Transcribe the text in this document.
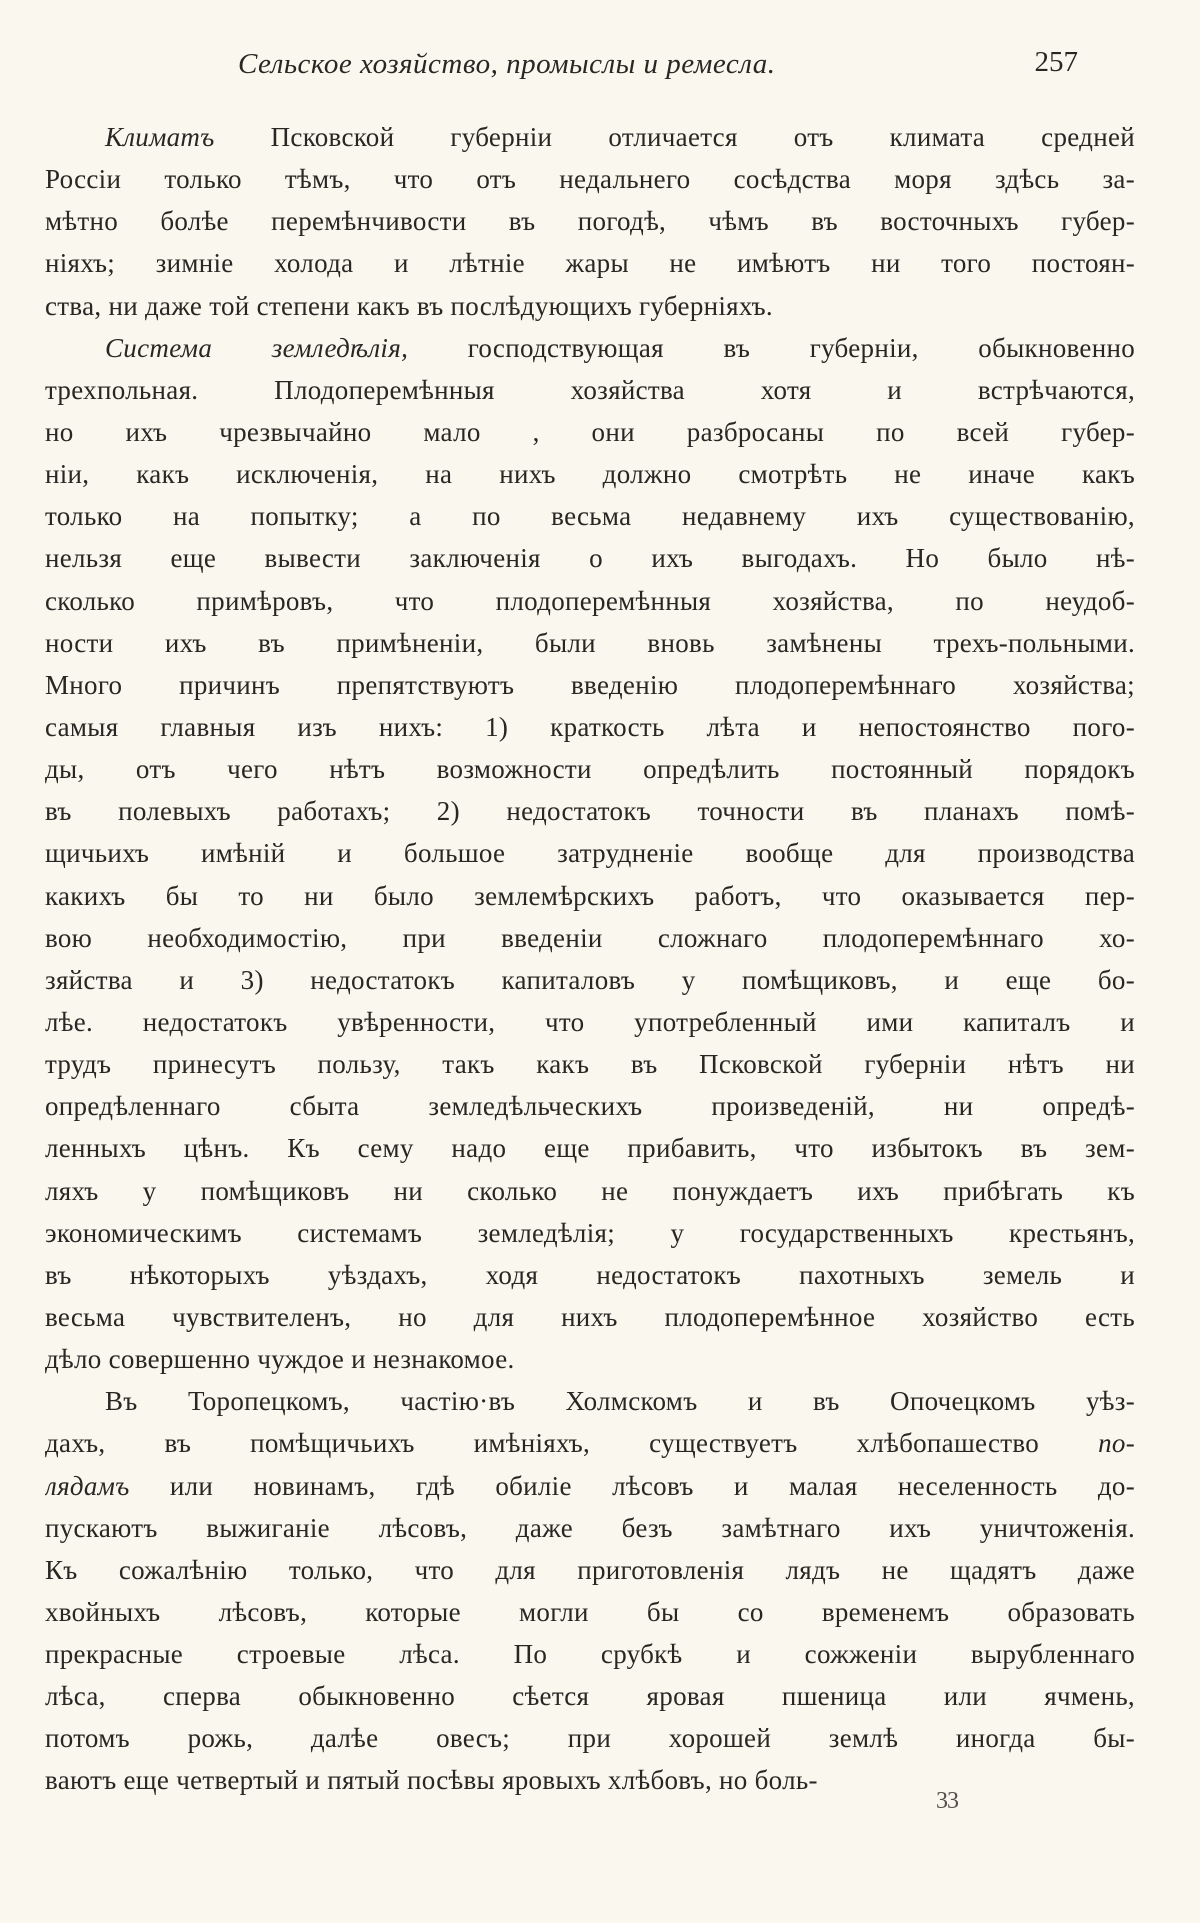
Сельское хозяйство, промыслы и ремесла.	257
Климатъ Псковской губерніи отличается отъ климата средней
Россіи только тѣмъ, что отъ недальнего сосѣдства моря здѣсь за-
мѣтно болѣе перемѣнчивости въ погодѣ, чѣмъ въ восточныхъ губер-
ніяхъ; зимніе холода и лѣтніе жары не имѣютъ ни того постоян-
ства, ни даже той степени какъ въ послѣдующихъ губерніяхъ.
Система земледѣлія, господствующая въ губерніи, обыкновенно
трехпольная. Плодоперемѣнныя хозяйства хотя и встрѣчаются,
но ихъ чрезвычайно мало , они разбросаны по всей губер-
ніи, какъ исключенія, на нихъ должно смотрѣть не иначе какъ
только на попытку; а по весьма недавнему ихъ существованію,
нельзя еще вывести заключенія о ихъ выгодахъ. Но было нѣ-
сколько примѣровъ, что плодоперемѣнныя хозяйства, по неудоб-
ности ихъ въ примѣненіи, были вновь замѣнены трехъ-польными.
Много причинъ препятствуютъ введенію плодоперемѣннаго хозяйства;
самыя главныя изъ нихъ: 1) краткость лѣта и непостоянство пого-
ды, отъ чего нѣтъ возможности опредѣлить постоянный порядокъ
въ полевыхъ работахъ; 2) недостатокъ точности въ планахъ помѣ-
щичьихъ имѣній и большое затрудненіе вообще для производства
какихъ бы то ни было землемѣрскихъ работъ, что оказывается пер-
вою необходимостію, при введеніи сложнаго плодоперемѣннаго хо-
зяйства и 3) недостатокъ капиталовъ у помѣщиковъ, и еще бо-
лѣе. недостатокъ увѣренности, что употребленный ими капиталъ и
трудъ принесутъ пользу, такъ какъ въ Псковской губерніи нѣтъ ни
опредѣленнаго сбыта земледѣльческихъ произведеній, ни опредѣ-
ленныхъ цѣнъ. Къ сему надо еще прибавить, что избытокъ въ зем-
ляхъ у помѣщиковъ ни сколько не понуждаетъ ихъ прибѣгать къ
экономическимъ системамъ земледѣлія; у государственныхъ крестьянъ,
въ нѣкоторыхъ уѣздахъ, ходя недостатокъ пахотныхъ земель и
весьма чувствителенъ, но для нихъ плодоперемѣнное хозяйство есть
дѣло совершенно чуждое и незнакомое.
Въ Торопецкомъ, частію·въ Холмскомъ и въ Опочецкомъ уѣз-
дахъ, въ помѣщичьихъ имѣніяхъ, существуетъ хлѣбопашество по-
лядамъ или новинамъ, гдѣ обиліе лѣсовъ и малая неселенность до-
пускаютъ выжиганіе лѣсовъ, даже безъ замѣтнаго ихъ уничтоженія.
Къ сожалѣнію только, что для приготовленія лядъ не щадятъ даже
хвойныхъ лѣсовъ, которые могли бы со временемъ образовать
прекрасные строевые лѣса. По срубкѣ и сожженіи вырубленнаго
лѣса, сперва обыкновенно сѣется яровая пшеница или ячмень,
потомъ рожь, далѣе овесъ; при хорошей землѣ иногда бы-
ваютъ еще четвертый и пятый посѣвы яровыхъ хлѣбовъ, но боль-
33
